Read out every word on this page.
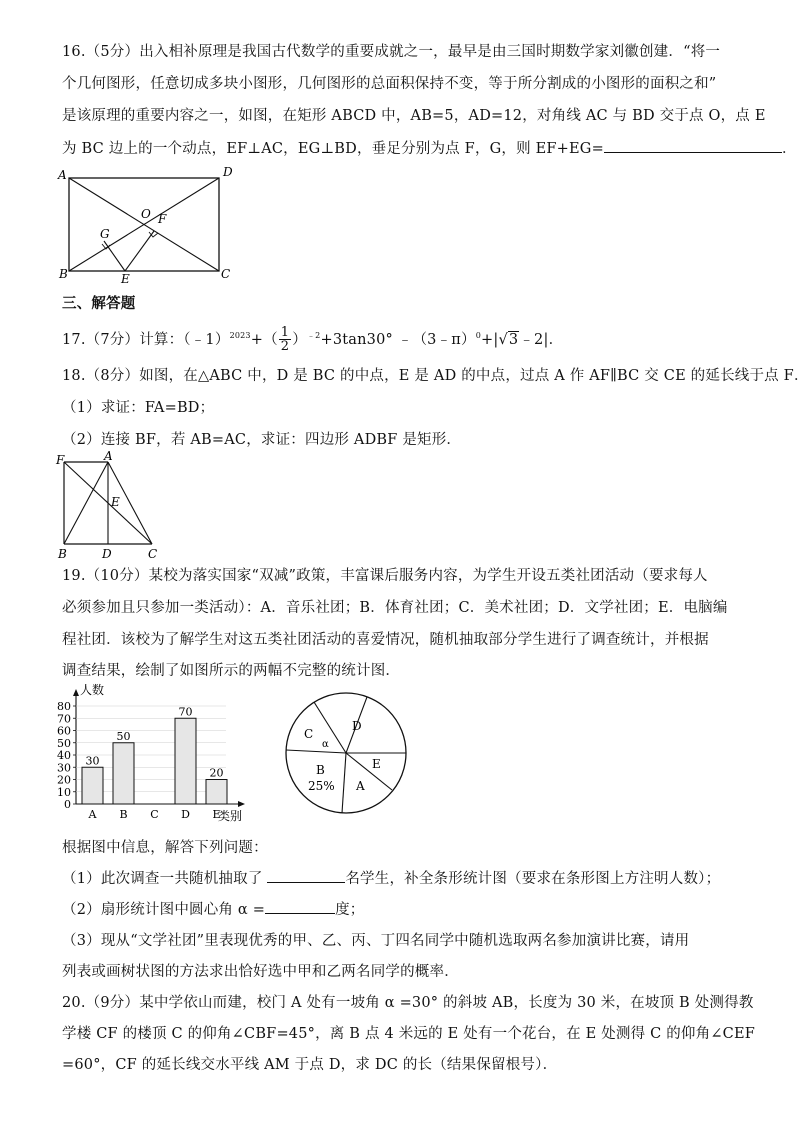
16.（5分）出入相补原理是我国古代数学的重要成就之一，最早是由三国时期数学家刘徽创建．“将一
个几何图形，任意切成多块小图形，几何图形的总面积保持不变，等于所分割成的小图形的面积之和”
是该原理的重要内容之一，如图，在矩形 ABCD 中，AB=5，AD=12，对角线 AC 与 BD 交于点 O，点 E
为 BC 边上的一个动点，EF⊥AC，EG⊥BD，垂足分别为点 F，G，则 EF+EG=	．
A	D
B	C
O F
G
E
三、解答题
17.（7分）计算：（﹣1）$^{2023}$+（ $\frac{1}{2} )^{﹣2}+3\tan 30^\circ$ ﹣（3﹣π）$^0$+|√3﹣2|．
18.（8分）如图，在△ABC 中，D 是 BC 的中点，E 是 AD 的中点，过点 A 作 AF∥BC 交 CE 的延长线于点 F．
（1）求证：FA=BD；
（2）连接 BF，若 AB=AC，求证：四边形 ADBF 是矩形．
F	A
E
B	D	C
19.（10分）某校为落实国家“双减”政策，丰富课后服务内容，为学生开设五类社团活动（要求每人
必须参加且只参加一类活动）：A．音乐社团；B．体育社团；C．美术社团；D．文学社团；E．电脑编
程社团．该校为了解学生对这五类社团活动的喜爱情况，随机抽取部分学生进行了调查统计，并根据
调查结果，绘制了如图所示的两幅不完整的统计图．
0
10
20
30
40
50
60
70
80
人数
类别
A
30
B
50
C D
70
E
20
C
D
α
E
B
25% A
根据图中信息，解答下列问题：
（1）此次调查一共随机抽取了	名学生，补全条形统计图（要求在条形图上方注明人数）；
（2）扇形统计图中圆心角 α =	度；
（3）现从“文学社团”里表现优秀的甲、乙、丙、丁四名同学中随机选取两名参加演讲比赛，请用
列表或画树状图的方法求出恰好选中甲和乙两名同学的概率．
20.（9分）某中学依山而建，校门 A 处有一坡角 α =30° 的斜坡 AB，长度为 30 米，在坡顶 B 处测得教
学楼 CF 的楼顶 C 的仰角∠CBF=45°，离 B 点 4 米远的 E 处有一个花台，在 E 处测得 C 的仰角∠CEF
=60°，CF 的延长线交水平线 AM 于点 D，求 DC 的长（结果保留根号）．
